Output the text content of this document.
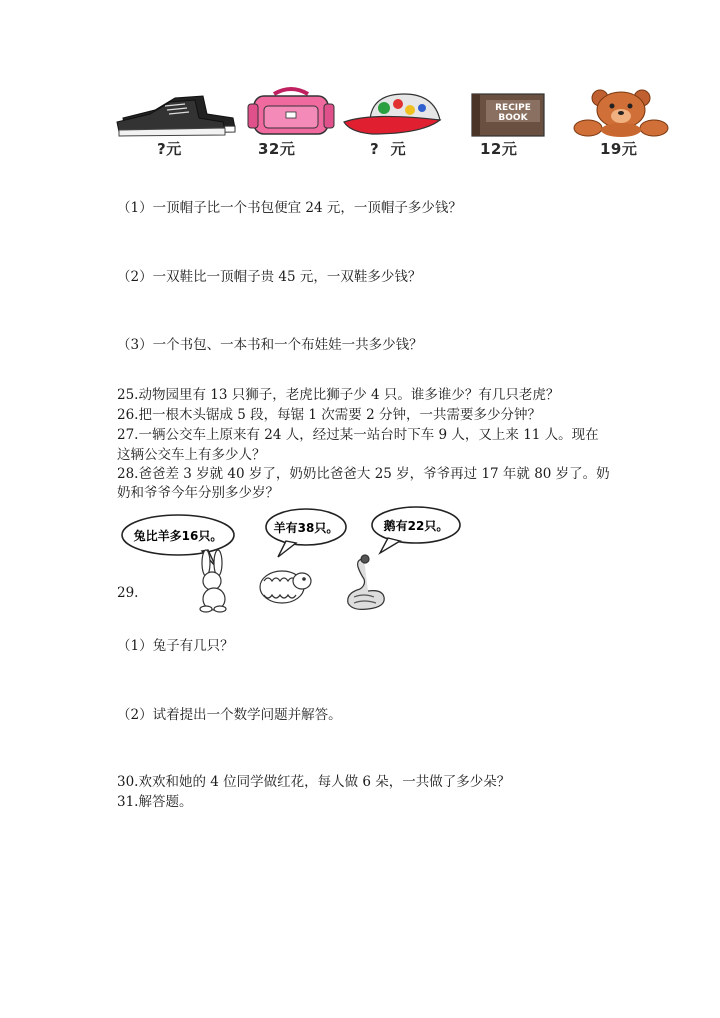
?元	32元	?  元
RECIPE
BOOK
12元	19元
（1）一顶帽子比一个书包便宜 24 元，一顶帽子多少钱？
（2）一双鞋比一顶帽子贵 45 元，一双鞋多少钱？
（3）一个书包、一本书和一个布娃娃一共多少钱？
25.动物园里有 13 只狮子，老虎比狮子少 4 只。谁多谁少？有几只老虎？
26.把一根木头锯成 5 段，每锯 1 次需要 2 分钟，一共需要多少分钟？
27.一辆公交车上原来有 24 人，经过某一站台时下车 9 人，又上来 11 人。现在
这辆公交车上有多少人？
28.爸爸差 3 岁就 40 岁了，奶奶比爸爸大 25 岁，爷爷再过 17 年就 80 岁了。奶
奶和爷爷今年分别多少岁？
29.
兔比羊多16只。
羊有38只。	鹅有22只。
（1）兔子有几只？
（2）试着提出一个数学问题并解答。
30.欢欢和她的 4 位同学做红花，每人做 6 朵，一共做了多少朵？
31.解答题。
